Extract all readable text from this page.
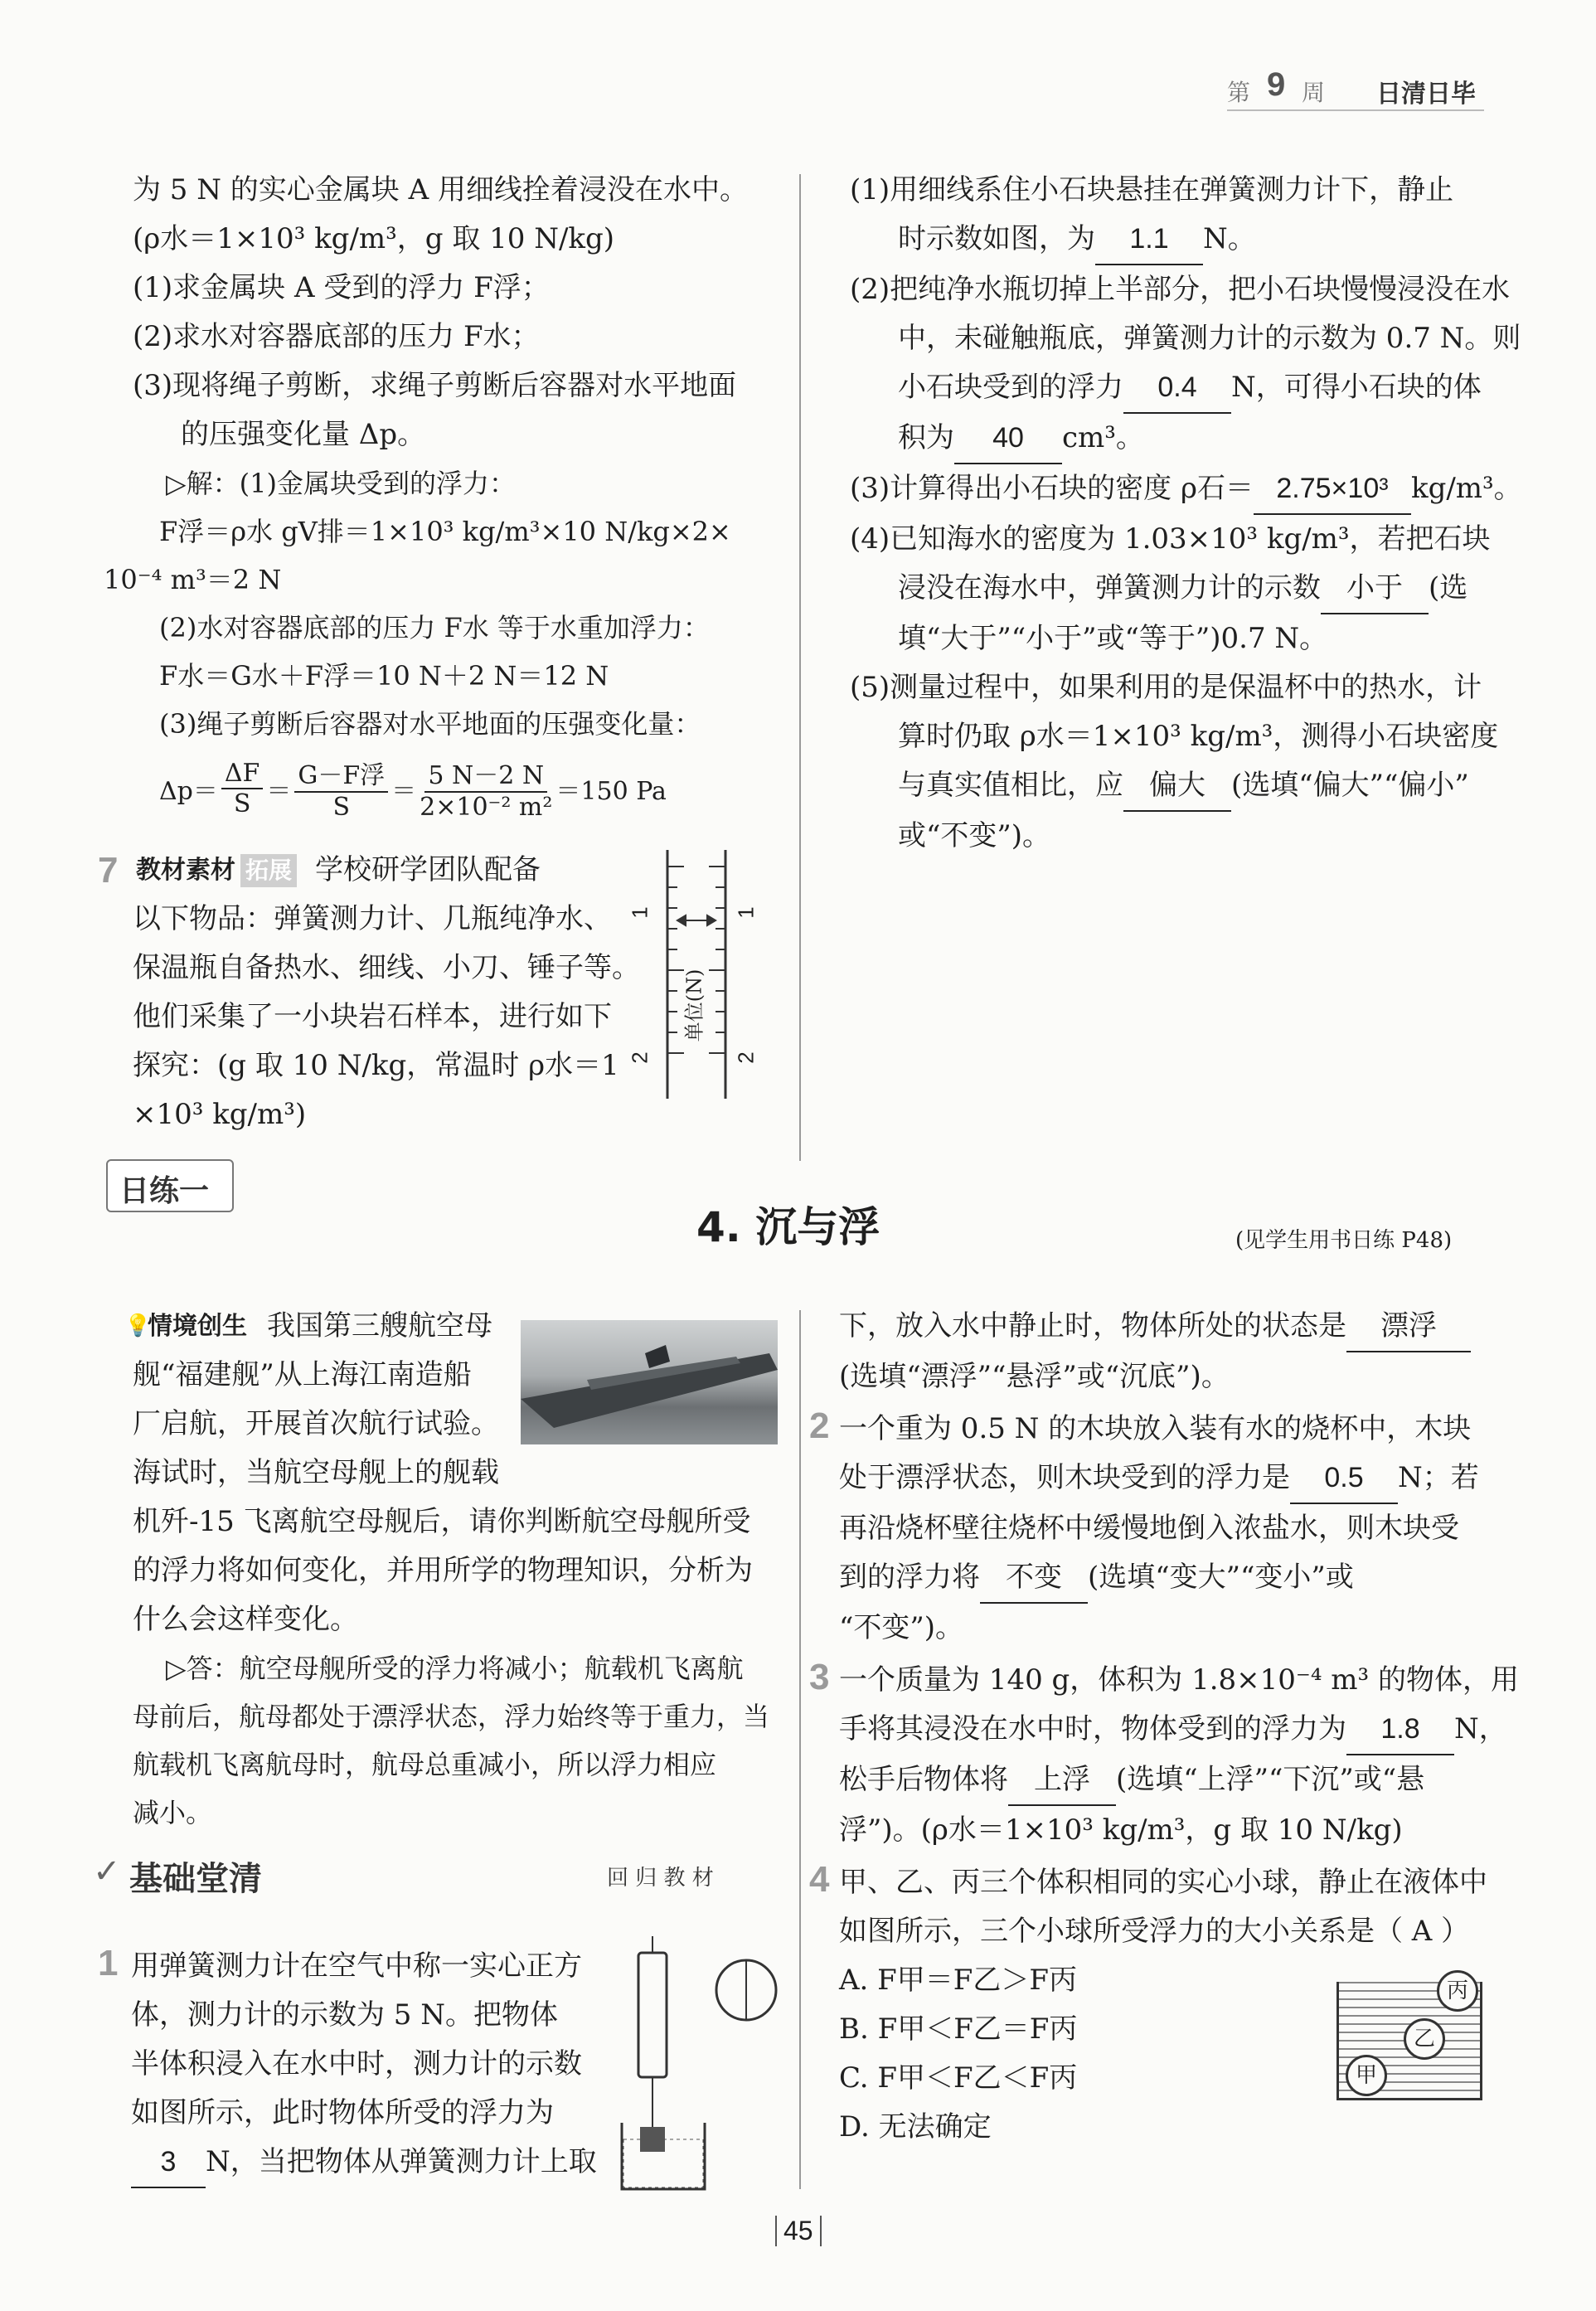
第 9 周 日清日毕
为 5 N 的实心金属块 A 用细线拴着浸没在水中。
(ρ水＝1×10³ kg/m³，g 取 10 N/kg)
(1)求金属块 A 受到的浮力 F浮；
(2)求水对容器底部的压力 F水；
(3)现将绳子剪断，求绳子剪断后容器对水平地面
的压强变化量 Δp。
▷解：(1)金属块受到的浮力：
F浮＝ρ水 gV排＝1×10³ kg/m³×10 N/kg×2×
10⁻⁴ m³＝2 N
(2)水对容器底部的压力 F水 等于水重加浮力：
F水＝G水＋F浮＝10 N＋2 N＝12 N
(3)绳子剪断后容器对水平地面的压强变化量：
Δp＝
ΔF
S ＝
G－F浮
S
＝
5 N－2 N
2×10⁻² m²
＝150 Pa
7 教材素材 拓展 学校研学团队配备
以下物品：弹簧测力计、几瓶纯净水、
保温瓶自备热水、细线、小刀、锤子等。
他们采集了一小块岩石样本，进行如下
探究：(g 取 10 N/kg，常温时 ρ水＝1
×10³ kg/m³)
1	1
2	2
单位(N)
(1)用细线系住小石块悬挂在弹簧测力计下，静止
时示数如图，为 1.1 N。
(2)把纯净水瓶切掉上半部分，把小石块慢慢浸没在水
中，未碰触瓶底，弹簧测力计的示数为 0.7 N。则
小石块受到的浮力 0.4 N，可得小石块的体
积为 40 cm³。
(3)计算得出小石块的密度 ρ石＝ 2.75×10³ kg/m³。
(4)已知海水的密度为 1.03×10³ kg/m³，若把石块
浸没在海水中，弹簧测力计的示数 小于 (选
填“大于”“小于”或“等于”)0.7 N。
(5)测量过程中，如果利用的是保温杯中的热水，计
算时仍取 ρ水＝1×10³ kg/m³，测得小石块密度
与真实值相比，应 偏大 (选填“偏大”“偏小”
或“不变”)。
日练一
4. 沉与浮	(见学生用书日练 P48)
💡
情境创生 我国第三艘航空母
舰“福建舰”从上海江南造船
厂启航，开展首次航行试验。
海试时，当航空母舰上的舰载
机歼-15 飞离航空母舰后，请你判断航空母舰所受
的浮力将如何变化，并用所学的物理知识，分析为
什么会这样变化。
▷答：航空母舰所受的浮力将减小；航载机飞离航
母前后，航母都处于漂浮状态，浮力始终等于重力，当
航载机飞离航母时，航母总重减小，所以浮力相应
减小。
✓ 基础堂清	回 归 教 材
1 用弹簧测力计在空气中称一实心正方
体，测力计的示数为 5 N。把物体
半体积浸入在水中时，测力计的示数
如图所示，此时物体所受的浮力为
3 N，当把物体从弹簧测力计上取
下，放入水中静止时，物体所处的状态是 漂浮
(选填“漂浮”“悬浮”或“沉底”)。
2 一个重为 0.5 N 的木块放入装有水的烧杯中，木块
处于漂浮状态，则木块受到的浮力是 0.5 N；若
再沿烧杯壁往烧杯中缓慢地倒入浓盐水，则木块受
到的浮力将 不变 (选填“变大”“变小”或
“不变”)。
3 一个质量为 140 g，体积为 1.8×10⁻⁴ m³ 的物体，用
手将其浸没在水中时，物体受到的浮力为 1.8 N，
松手后物体将 上浮 (选填“上浮”“下沉”或“悬
浮”)。(ρ水＝1×10³ kg/m³，g 取 10 N/kg)
4 甲、乙、丙三个体积相同的实心小球，静止在液体中
如图所示，三个小球所受浮力的大小关系是（ A ）
A. F甲＝F乙＞F丙
B. F甲＜F乙＝F丙
C. F甲＜F乙＜F丙
D. 无法确定
丙
乙
甲
45
